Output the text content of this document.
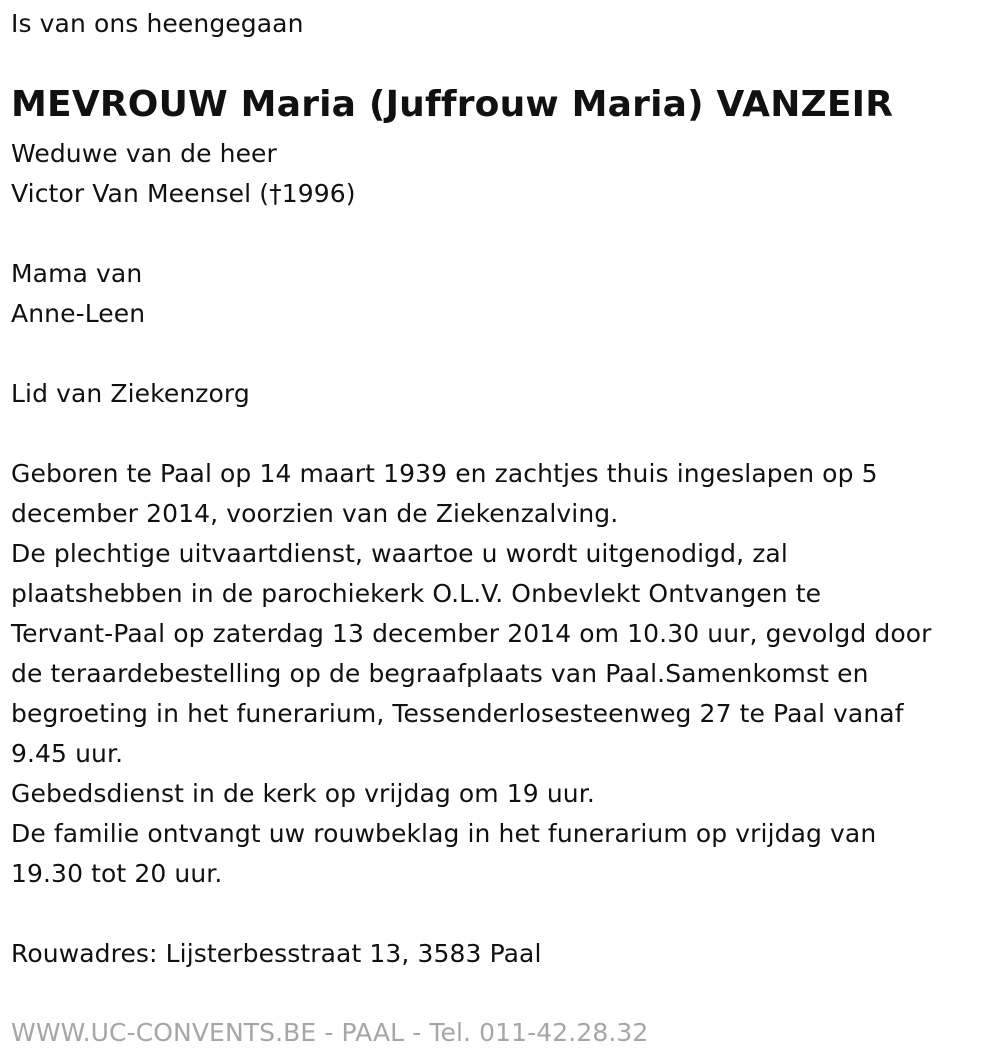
Is van ons heengegaan
MEVROUW Maria (Juffrouw Maria) VANZEIR
Weduwe van de heer
Victor Van Meensel (†1996)
Mama van
Anne-Leen
Lid van Ziekenzorg
Geboren te Paal op 14 maart 1939 en zachtjes thuis ingeslapen op 5
december 2014, voorzien van de Ziekenzalving.
De plechtige uitvaartdienst, waartoe u wordt uitgenodigd, zal
plaatshebben in de parochiekerk O.L.V. Onbevlekt Ontvangen te
Tervant-Paal op zaterdag 13 december 2014 om 10.30 uur, gevolgd door
de teraardebestelling op de begraafplaats van Paal.Samenkomst en
begroeting in het funerarium, Tessenderlosesteenweg 27 te Paal vanaf
9.45 uur.
Gebedsdienst in de kerk op vrijdag om 19 uur.
De familie ontvangt uw rouwbeklag in het funerarium op vrijdag van
19.30 tot 20 uur.
Rouwadres: Lijsterbesstraat 13, 3583 Paal
WWW.UC-CONVENTS.BE - PAAL - Tel. 011-42.28.32
